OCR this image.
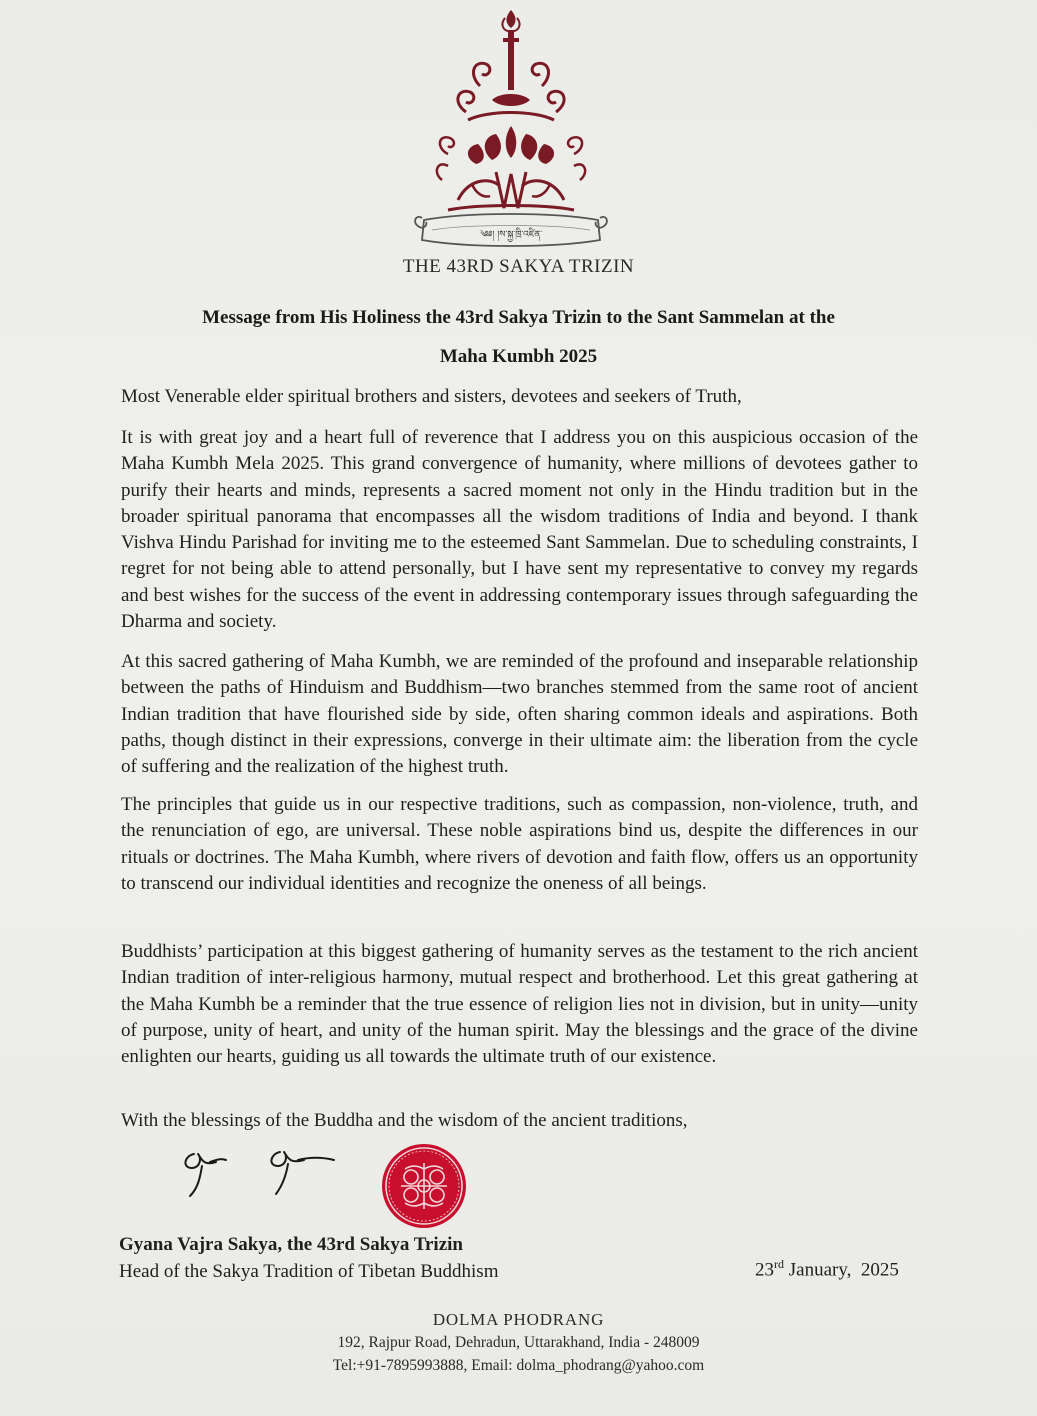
༄༅། །ས་སྐྱ་ཁྲི་འཛིན་
THE 43RD SAKYA TRIZIN
Message from His Holiness the 43rd Sakya Trizin to the Sant Sammelan at the
Maha Kumbh 2025
Most Venerable elder spiritual brothers and sisters, devotees and seekers of Truth,

It is with great joy and a heart full of reverence that I address you on this auspicious occasion of the Maha Kumbh Mela 2025. This grand convergence of humanity, where millions of devotees gather to purify their hearts and minds, represents a sacred moment not only in the Hindu tradition but in the broader spiritual panorama that encompasses all the wisdom traditions of India and beyond. I thank Vishva Hindu Parishad for inviting me to the esteemed Sant Sammelan. Due to scheduling constraints, I regret for not being able to attend personally, but I have sent my representative to convey my regards and best wishes for the success of the event in addressing contemporary issues through safeguarding the Dharma and society.

At this sacred gathering of Maha Kumbh, we are reminded of the profound and inseparable relationship between the paths of Hinduism and Buddhism—two branches stemmed from the same root of ancient Indian tradition that have flourished side by side, often sharing common ideals and aspirations. Both paths, though distinct in their expressions, converge in their ultimate aim: the liberation from the cycle of suffering and the realization of the highest truth.

The principles that guide us in our respective traditions, such as compassion, non-violence, truth, and the renunciation of ego, are universal. These noble aspirations bind us, despite the differences in our rituals or doctrines. The Maha Kumbh, where rivers of devotion and faith flow, offers us an opportunity to transcend our individual identities and recognize the oneness of all beings.

Buddhists’ participation at this biggest gathering of humanity serves as the testament to the rich ancient Indian tradition of inter-religious harmony, mutual respect and brotherhood. Let this great gathering at the Maha Kumbh be a reminder that the true essence of religion lies not in division, but in unity—unity of purpose, unity of heart, and unity of the human spirit. May the blessings and the grace of the divine enlighten our hearts, guiding us all towards the ultimate truth of our existence.

With the blessings of the Buddha and the wisdom of the ancient traditions,
Gyana Vajra Sakya, the 43rd Sakya Trizin
Head of the Sakya Tradition of Tibetan Buddhism	23rd January,  2025
DOLMA PHODRANG
192, Rajpur Road, Dehradun, Uttarakhand, India - 248009
Tel:+91-7895993888, Email: dolma_phodrang@yahoo.com
